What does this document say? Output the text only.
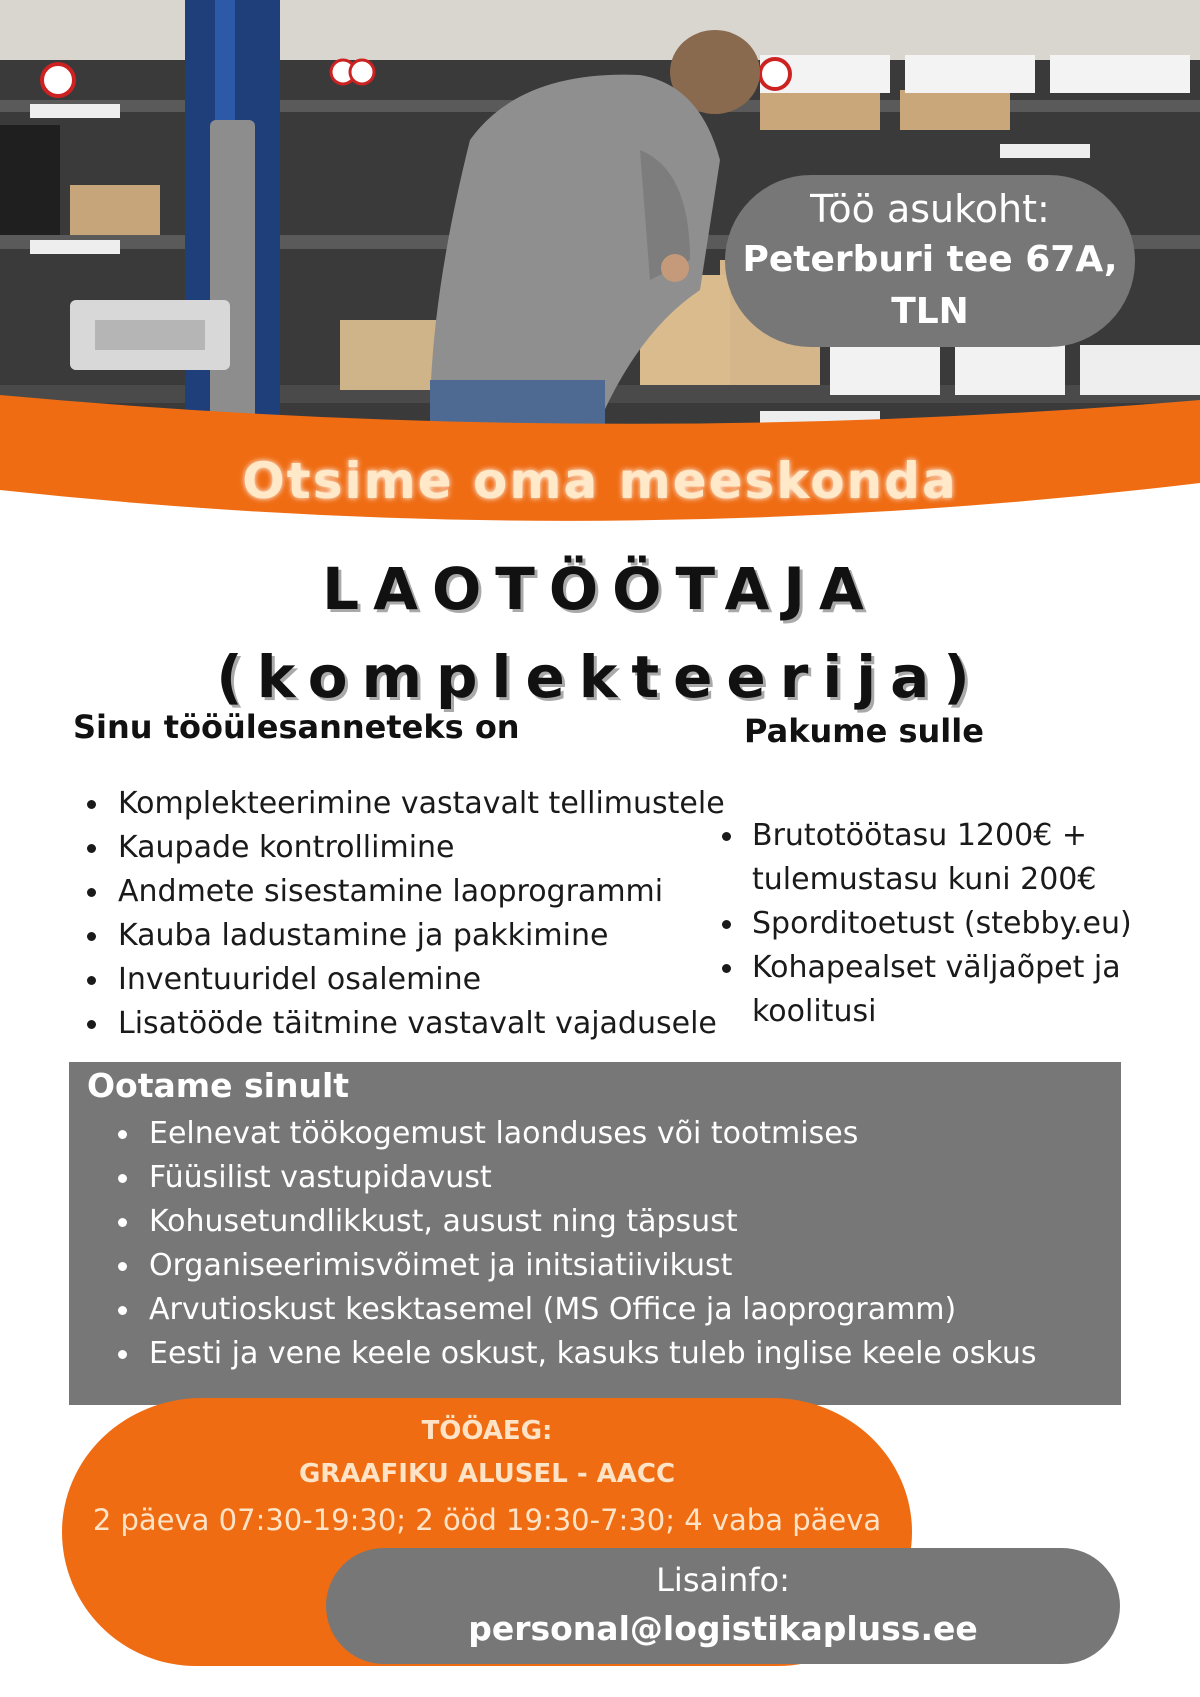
Töö asukoht:
Peterburi tee 67A,
TLN
Otsime oma meeskonda
LAOTÖÖTAJA
(komplekteerija)
Sinu tööülesanneteks on
Komplekteerimine vastavalt tellimustele
Kaupade kontrollimine
Andmete sisestamine laoprogrammi
Kauba ladustamine ja pakkimine
Inventuuridel osalemine
Lisatööde täitmine vastavalt vajadusele
Pakume sulle
Brutotöötasu 1200€ + tulemustasu kuni 200€
Sporditoetust (stebby.eu)
Kohapealset väljaõpet ja koolitusi
Ootame sinult
Eelnevat töökogemust laonduses või tootmises
Füüsilist vastupidavust
Kohusetundlikkust, ausust ning täpsust
Organiseerimisvõimet ja initsiatiivikust
Arvutioskust kesktasemel (MS Office ja laoprogramm)
Eesti ja vene keele oskust, kasuks tuleb inglise keele oskus
TÖÖAEG:
GRAAFIKU ALUSEL - AACC
2 päeva 07:30-19:30; 2 ööd 19:30-7:30; 4 vaba päeva
Lisainfo:
personal@logistikapluss.ee
